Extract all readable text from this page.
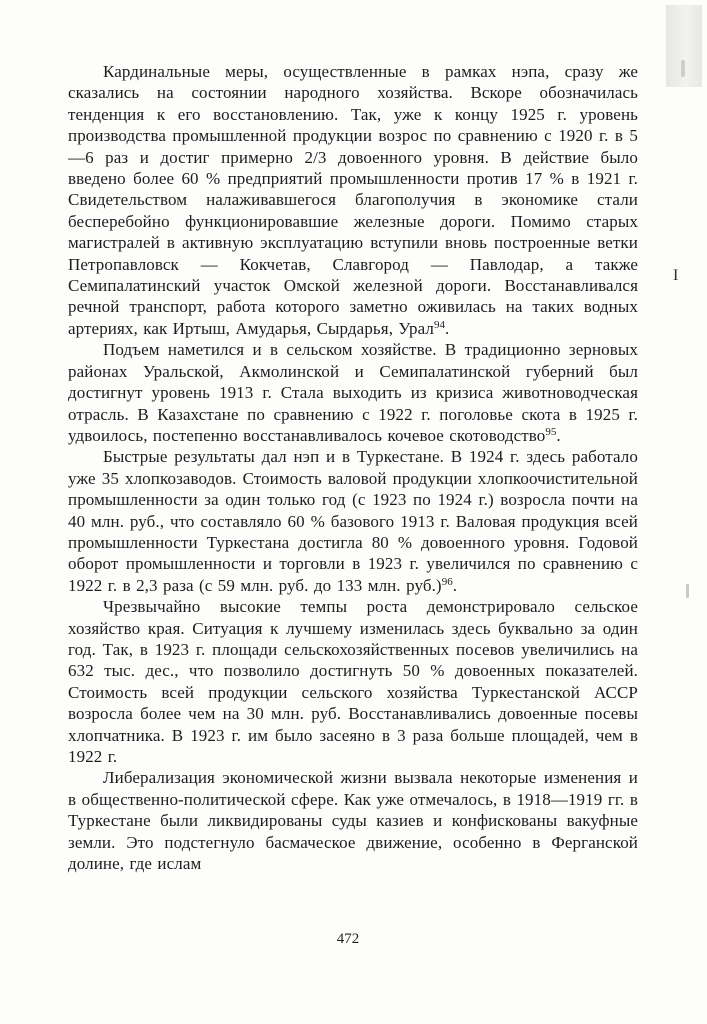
I

Кардинальные меры, осуществленные в рамках нэпа, сразу же сказались на состоянии народного хозяйства. Вскоре обозначилась тенденция к его восстановлению. Так, уже к концу 1925 г. уровень производства промышленной продукции возрос по сравнению с 1920 г. в 5—6 раз и достиг примерно 2/3 довоенного уровня. В действие было введено более 60 % предприятий промышленности против 17 % в 1921 г. Свидетельством налаживавшегося благополучия в экономике стали бесперебойно функционировавшие железные дороги. Помимо старых магистралей в активную эксплуатацию вступили вновь построенные ветки Петропавловск — Кокчетав, Славгород — Павлодар, а также Семипалатинский участок Омской железной дороги. Восстанавливался речной транспорт, работа которого заметно оживилась на таких водных артериях, как Иртыш, Амударья, Сырдарья, Урал$^{94}$.

Подъем наметился и в сельском хозяйстве. В традиционно зерновых районах Уральской, Акмолинской и Семипалатинской губерний был достигнут уровень 1913 г. Стала выходить из кризиса животноводческая отрасль. В Казахстане по сравнению с 1922 г. поголовье скота в 1925 г. удвоилось, постепенно восстанавливалось кочевое скотоводство$^{95}$.

Быстрые результаты дал нэп и в Туркестане. В 1924 г. здесь работало уже 35 хлопкозаводов. Стоимость валовой продукции хлопкоочистительной промышленности за один только год (с 1923 по 1924 г.) возросла почти на 40 млн. руб., что составляло 60 % базового 1913 г. Валовая продукция всей промышленности Туркестана достигла 80 % довоенного уровня. Годовой оборот промышленности и торговли в 1923 г. увеличился по сравнению с 1922 г. в 2,3 раза (с 59 млн. руб. до 133 млн. руб.)$^{96}$.

Чрезвычайно высокие темпы роста демонстрировало сельское хозяйство края. Ситуация к лучшему изменилась здесь буквально за один год. Так, в 1923 г. площади сельскохозяйственных посевов увеличились на 632 тыс. дес., что позволило достигнуть 50 % довоенных показателей. Стоимость всей продукции сельского хозяйства Туркестанской АССР возросла более чем на 30 млн. руб. Восстанавливались довоенные посевы хлопчатника. В 1923 г. им было засеяно в 3 раза больше площадей, чем в 1922 г.

Либерализация экономической жизни вызвала некоторые изменения и в общественно-политической сфере. Как уже отмечалось, в 1918—1919 гг. в Туркестане были ликвидированы суды казиев и конфискованы вакуфные земли. Это подстегнуло басмаческое движение, особенно в Ферганской долине, где ислам

472
